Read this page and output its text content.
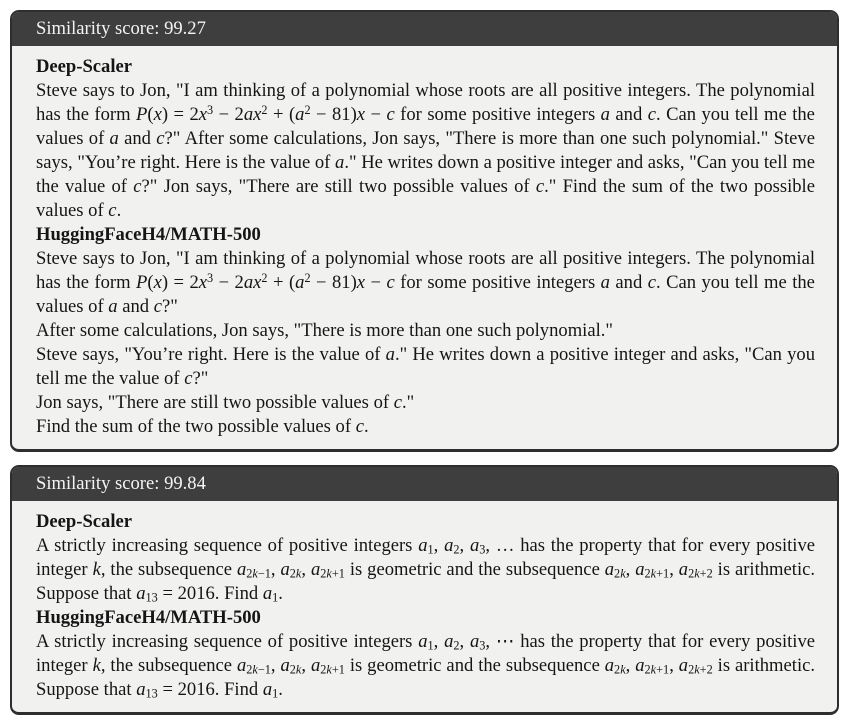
Similarity score: 99.27
Deep-Scaler

Steve says to Jon, "I am thinking of a polynomial whose roots are all positive integers. The polynomial has the form $P(x) = 2x^3 - 2ax^2 + (a^2 - 81)x - c$ for some positive integers a and c. Can you tell me the values of a and c?" After some calculations, Jon says, "There is more than one such polynomial." Steve says, "You’re right. Here is the value of a." He writes down a positive integer and asks, "Can you tell me the value of c?" Jon says, "There are still two possible values of c." Find the sum of the two possible values of c.

HuggingFaceH4/MATH-500

Steve says to Jon, "I am thinking of a polynomial whose roots are all positive integers. The polynomial has the form $P(x) = 2x^3 - 2ax^2 + (a^2 - 81)x - c$ for some positive integers a and c. Can you tell me the values of a and c?"

After some calculations, Jon says, "There is more than one such polynomial."

Steve says, "You’re right. Here is the value of a." He writes down a positive integer and asks, "Can you tell me the value of c?"

Jon says, "There are still two possible values of c."

Find the sum of the two possible values of c.

Similarity score: 99.84
Deep-Scaler

A strictly increasing sequence of positive integers $a_1$, $a_2$, $a_3$, … has the property that for every positive integer k, the subsequence $a_{2k-1}$, $a_{2k}$, $a_{2k+1}$ is geometric and the subsequence $a_{2k}$, $a_{2k+1}$, $a_{2k+2}$ is arithmetic. Suppose that $a_{13} = 2016$. Find $a_1$.

HuggingFaceH4/MATH-500

A strictly increasing sequence of positive integers $a_1$, $a_2$, $a_3$, ⋯ has the property that for every positive integer k, the subsequence $a_{2k-1}$, $a_{2k}$, $a_{2k+1}$ is geometric and the subsequence $a_{2k}$, $a_{2k+1}$, $a_{2k+2}$ is arithmetic. Suppose that $a_{13} = 2016$. Find $a_1$.
